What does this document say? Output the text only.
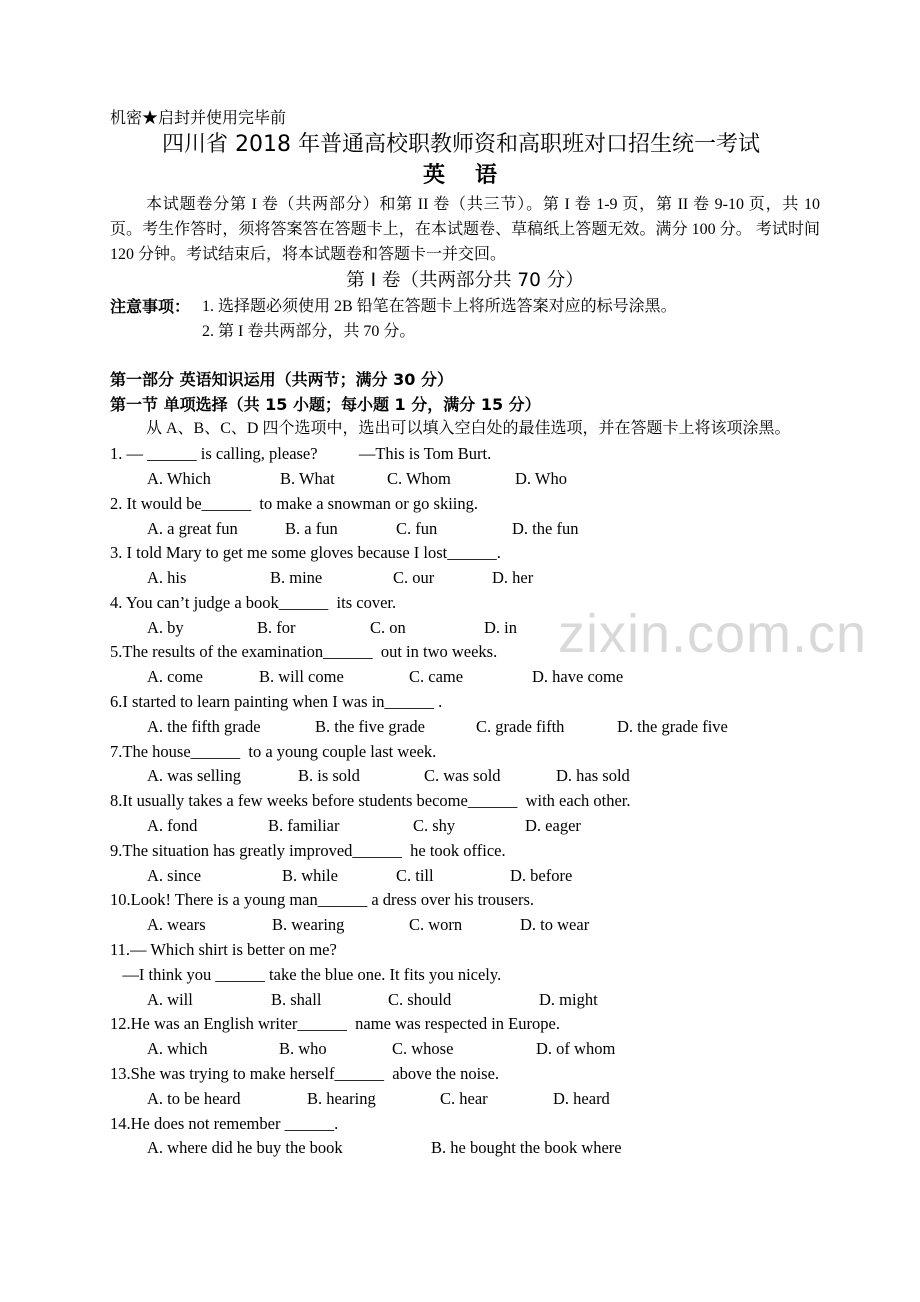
zixin.com.cn
机密★启封并使用完毕前
四川省 2018 年普通高校职教师资和高职班对口招生统一考试
英语
本试题卷分第 I 卷（共两部分）和第 II 卷（共三节）。第 I 卷 1-9 页，第 II 卷 9-10 页，共 10 页。考生作答时，须将答案答在答题卡上，在本试题卷、草稿纸上答题无效。满分 100 分。 考试时间 120 分钟。考试结束后，将本试题卷和答题卡一并交回。
第 I 卷（共两部分共 70 分）
注意事项： 1. 选择题必须使用 2B 铅笔在答题卡上将所选答案对应的标号涂黑。
2. 第 I 卷共两部分，共 70 分。
第一部分 英语知识运用（共两节；满分 30 分）
第一节 单项选择（共 15 小题；每小题 1 分，满分 15 分）
从 A、B、C、D 四个选项中，选出可以填入空白处的最佳选项，并在答题卡上将该项涂黑。
1. — ______ is calling, please?          —This is Tom Burt.
A. Which	B. What	C. Whom	D. Who
2. It would be______  to make a snowman or go skiing.
A. a great fun	B. a fun	C. fun	D. the fun
3. I told Mary to get me some gloves because I lost______.
A. his	B. mine	C. our	D. her
4. You can’t judge a book______  its cover.
A. by	B. for	C. on	D. in
5.The results of the examination______  out in two weeks.
A. come	B. will come	C. came	D. have come
6.I started to learn painting when I was in______ .
A. the fifth grade	B. the five grade	C. grade fifth	D. the grade five
7.The house______  to a young couple last week.
A. was selling	B. is sold	C. was sold	D. has sold
8.It usually takes a few weeks before students become______  with each other.
A. fond	B. familiar	C. shy	D. eager
9.The situation has greatly improved______  he took office.
A. since	B. while	C. till	D. before
10.Look! There is a young man______ a dress over his trousers.
A. wears	B. wearing	C. worn	D. to wear
11.— Which shirt is better on me?
—I think you ______ take the blue one. It fits you nicely.
A. will	B. shall	C. should	D. might
12.He was an English writer______  name was respected in Europe.
A. which	B. who	C. whose	D. of whom
13.She was trying to make herself______  above the noise.
A. to be heard	B. hearing	C. hear	D. heard
14.He does not remember ______.
A. where did he buy the book	B. he bought the book where
